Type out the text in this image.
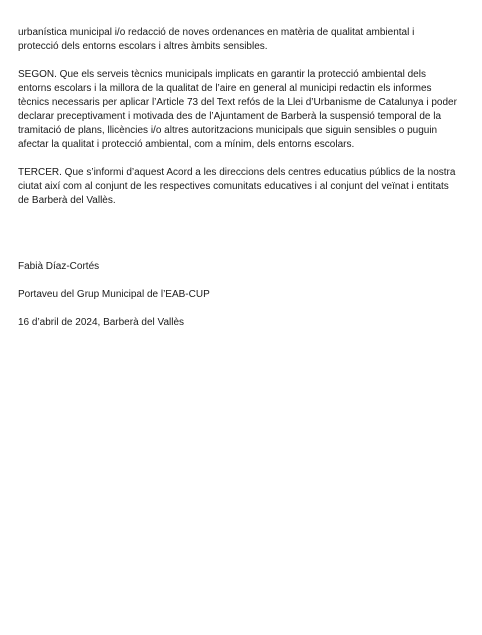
urbanística municipal i/o redacció de noves ordenances en matèria de qualitat ambiental i
protecció dels entorns escolars i altres àmbits sensibles.

SEGON. Que els serveis tècnics municipals implicats en garantir la protecció ambiental dels
entorns escolars i la millora de la qualitat de l’aire en general al municipi redactin els informes
tècnics necessaris per aplicar l’Article 73 del Text refós de la Llei d’Urbanisme de Catalunya i poder
declarar preceptivament i motivada des de l’Ajuntament de Barberà la suspensió temporal de la
tramitació de plans, llicències i/o altres autoritzacions municipals que siguin sensibles o puguin
afectar la qualitat i protecció ambiental, com a mínim, dels entorns escolars.

TERCER. Que s’informi d’aquest Acord a les direccions dels centres educatius públics de la nostra
ciutat així com al conjunt de les respectives comunitats educatives i al conjunt del veïnat i entitats
de Barberà del Vallès.

Fabià Díaz-Cortés

Portaveu del Grup Municipal de l’EAB-CUP

16 d’abril de 2024, Barberà del Vallès
